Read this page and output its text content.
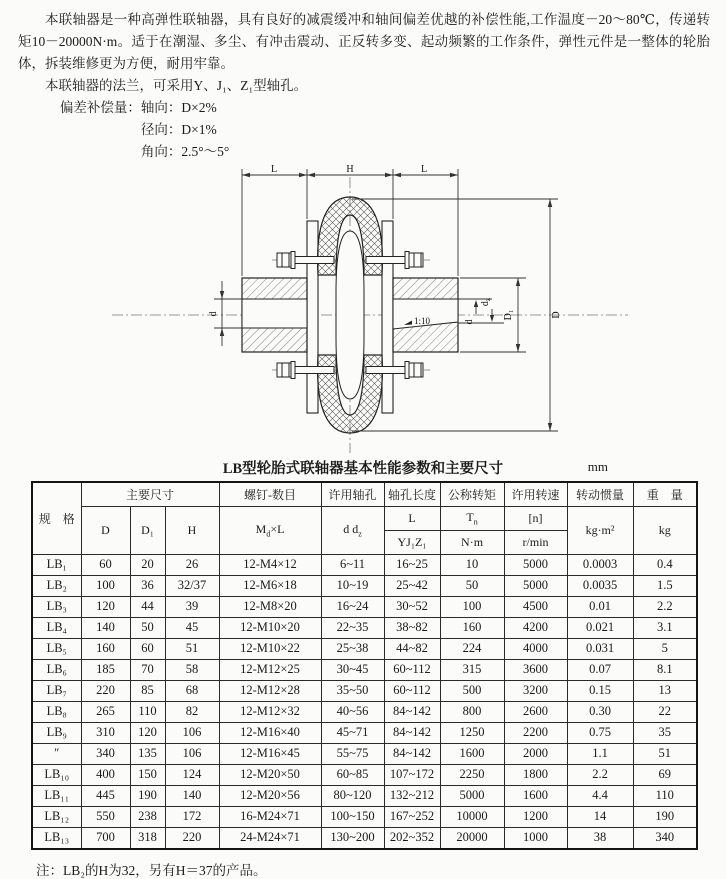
本联轴器是一种高弹性联轴器，具有良好的减震缓冲和轴间偏差优越的补偿性能,工作温度－20～80℃，传递转矩10－20000N·m。适于在潮湿、多尘、有冲击震动、正反转多变、起动频繁的工作条件，弹性元件是一整体的轮胎体，拆装维修更为方便，耐用牢靠。

本联轴器的法兰，可采用Y、J₁、Z₁型轴孔。

偏差补偿量： 轴向：D×2%
径向：D×1%
角向：2.5°～5°
1:10
L	H	L
d
d
$d_z$
D₁	D
LB型轮胎式联轴器基本性能参数和主要尺寸	mm
规　格	主要尺寸			螺钉-数目	许用轴孔	轴孔长度	公称转矩	许用转速	转动惯量	重　量
	D	D₁	H	$M_d\times L$	d $d_z$	L	$T_n$	[n]	kg·m²	kg
						YJ₁Z₁	N·m	r/min		
LB₁	60	20	26	12-M4×12	6~11	16~25	10	5000	0.0003	0.4
LB₂	100	36	32/37	12-M6×18	10~19	25~42	50	5000	0.0035	1.5
LB₃	120	44	39	12-M8×20	16~24	30~52	100	4500	0.01	2.2
LB₄	140	50	45	12-M10×20	22~35	38~82	160	4200	0.021	3.1
LB₅	160	60	51	12-M10×22	25~38	44~82	224	4000	0.031	5
LB₆	185	70	58	12-M12×25	30~45	60~112	315	3600	0.07	8.1
LB₇	220	85	68	12-M12×28	35~50	60~112	500	3200	0.15	13
LB₈	265	110	82	12-M12×32	40~56	84~142	800	2600	0.30	22
LB₉	310	120	106	12-M16×40	45~71	84~142	1250	2200	0.75	35
″	340	135	106	12-M16×45	55~75	84~142	1600	2000	1.1	51
LB₁₀	400	150	124	12-M20×50	60~85	107~172	2250	1800	2.2	69
LB₁₁	445	190	140	12-M20×56	80~120	132~212	5000	1600	4.4	110
LB₁₂	550	238	172	16-M24×71	100~150	167~252	10000	1200	14	190
LB₁₃	700	318	220	24-M24×71	130~200	202~352	20000	1000	38	340
注：LB₂的H为32，另有H＝37的产品。
